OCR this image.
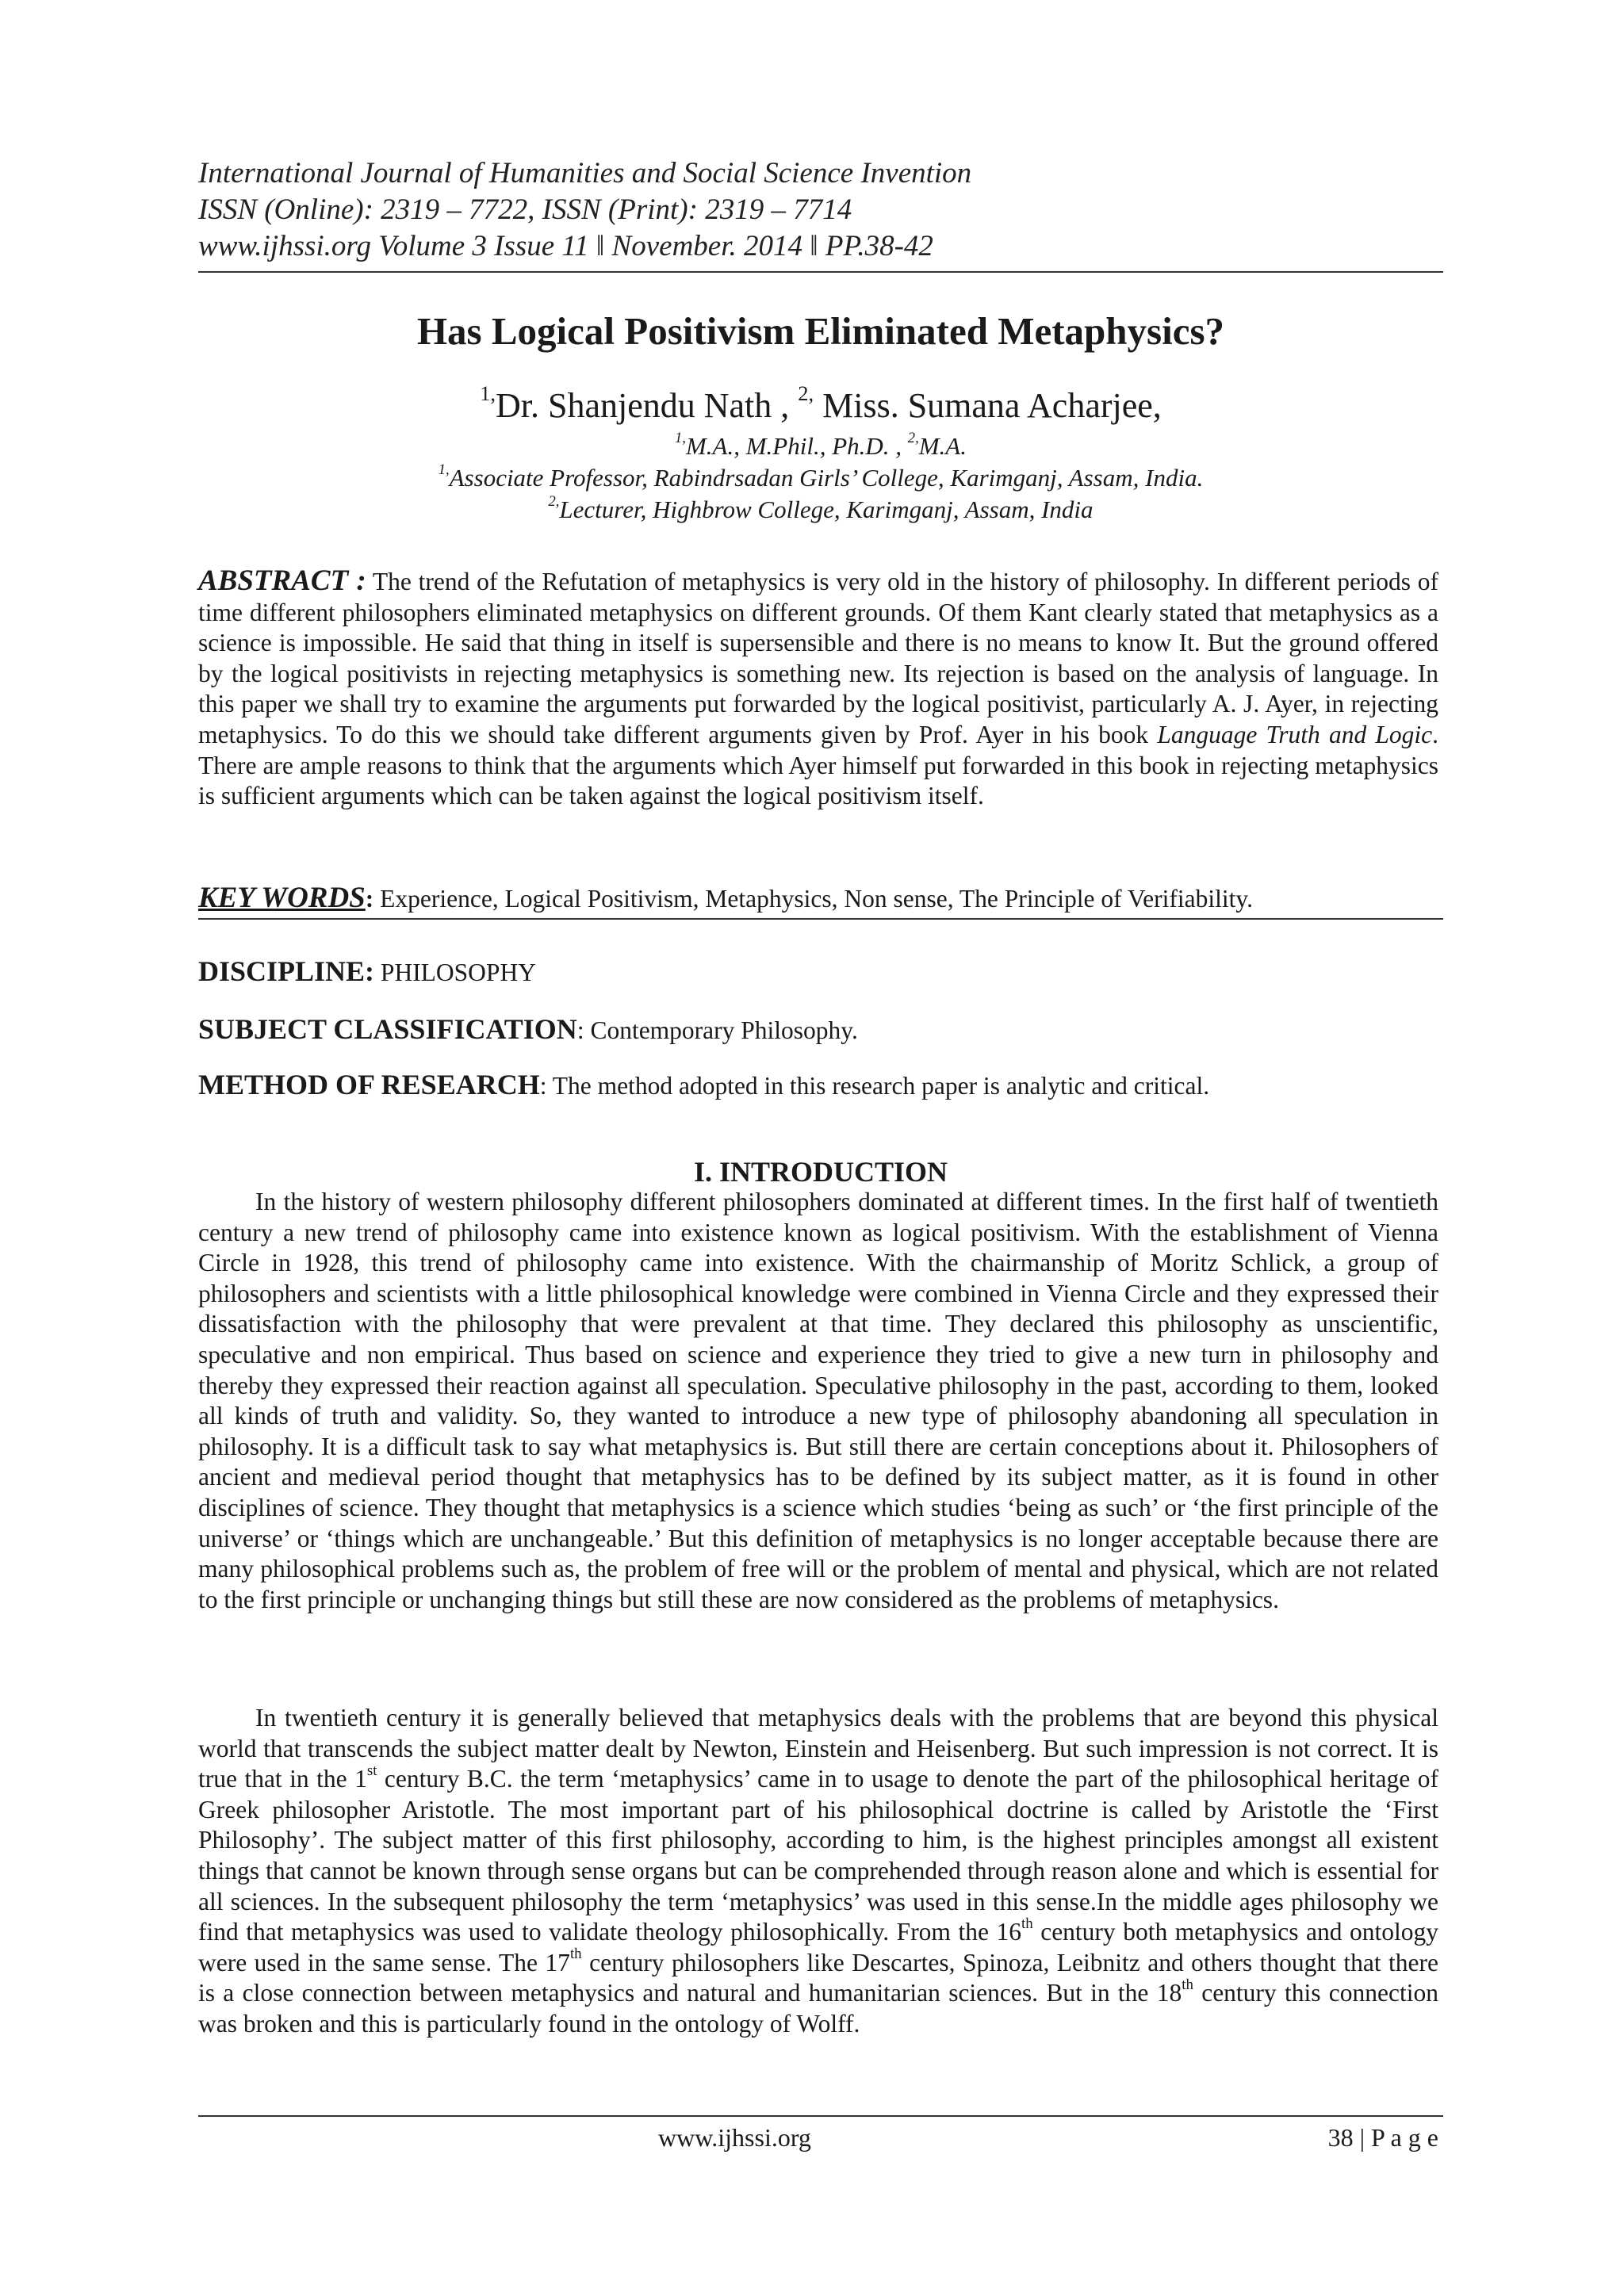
International Journal of Humanities and Social Science Invention
ISSN (Online): 2319 – 7722, ISSN (Print): 2319 – 7714
www.ijhssi.org Volume 3 Issue 11 ǁ November. 2014 ǁ PP.38-42
Has Logical Positivism Eliminated Metaphysics?
$^{1,}$Dr. Shanjendu Nath , $^{2,}$ Miss. Sumana Acharjee,
$^{1,}$M.A., M.Phil., Ph.D. , $^{2,}$M.A.
$^{1,}$Associate Professor, Rabindrsadan Girls’ College, Karimganj, Assam, India.
$^{2,}$Lecturer, Highbrow College, Karimganj, Assam, India
ABSTRACT : The trend of the Refutation of metaphysics is very old in the history of philosophy. In different periods of time different philosophers eliminated metaphysics on different grounds. Of them Kant clearly stated that metaphysics as a science is impossible. He said that thing in itself is supersensible and there is no means to know It. But the ground offered by the logical positivists in rejecting metaphysics is something new. Its rejection is based on the analysis of language. In this paper we shall try to examine the arguments put forwarded by the logical positivist, particularly A. J. Ayer, in rejecting metaphysics. To do this we should take different arguments given by Prof. Ayer in his book Language Truth and Logic. There are ample reasons to think that the arguments which Ayer himself put forwarded in this book in rejecting metaphysics is sufficient arguments which can be taken against the logical positivism itself.
KEY WORDS: Experience, Logical Positivism, Metaphysics, Non sense, The Principle of Verifiability.
DISCIPLINE: PHILOSOPHY
SUBJECT CLASSIFICATION: Contemporary Philosophy.
METHOD OF RESEARCH: The method adopted in this research paper is analytic and critical.
I. INTRODUCTION

In the history of western philosophy different philosophers dominated at different times. In the first half of twentieth century a new trend of philosophy came into existence known as logical positivism. With the establishment of Vienna Circle in 1928, this trend of philosophy came into existence. With the chairmanship of Moritz Schlick, a group of philosophers and scientists with a little philosophical knowledge were combined in Vienna Circle and they expressed their dissatisfaction with the philosophy that were prevalent at that time. They declared this philosophy as unscientific, speculative and non empirical. Thus based on science and experience they tried to give a new turn in philosophy and thereby they expressed their reaction against all speculation. Speculative philosophy in the past, according to them, looked all kinds of truth and validity. So, they wanted to introduce a new type of philosophy abandoning all speculation in philosophy. It is a difficult task to say what metaphysics is. But still there are certain conceptions about it. Philosophers of ancient and medieval period thought that metaphysics has to be defined by its subject matter, as it is found in other disciplines of science. They thought that metaphysics is a science which studies ‘being as such’ or ‘the first principle of the universe’ or ‘things which are unchangeable.’ But this definition of metaphysics is no longer acceptable because there are many philosophical problems such as, the problem of free will or the problem of mental and physical, which are not related to the first principle or unchanging things but still these are now considered as the problems of metaphysics.

In twentieth century it is generally believed that metaphysics deals with the problems that are beyond this physical world that transcends the subject matter dealt by Newton, Einstein and Heisenberg. But such impression is not correct. It is true that in the 1st century B.C. the term ‘metaphysics’ came in to usage to denote the part of the philosophical heritage of Greek philosopher Aristotle. The most important part of his philosophical doctrine is called by Aristotle the ‘First Philosophy’. The subject matter of this first philosophy, according to him, is the highest principles amongst all existent things that cannot be known through sense organs but can be comprehended through reason alone and which is essential for all sciences. In the subsequent philosophy the term ‘metaphysics’ was used in this sense.In the middle ages philosophy we find that metaphysics was used to validate theology philosophically. From the 16th century both metaphysics and ontology were used in the same sense. The 17th century philosophers like Descartes, Spinoza, Leibnitz and others thought that there is a close connection between metaphysics and natural and humanitarian sciences. But in the 18th century this connection was broken and this is particularly found in the ontology of Wolff.

www.ijhssi.org	38 | P a g e
